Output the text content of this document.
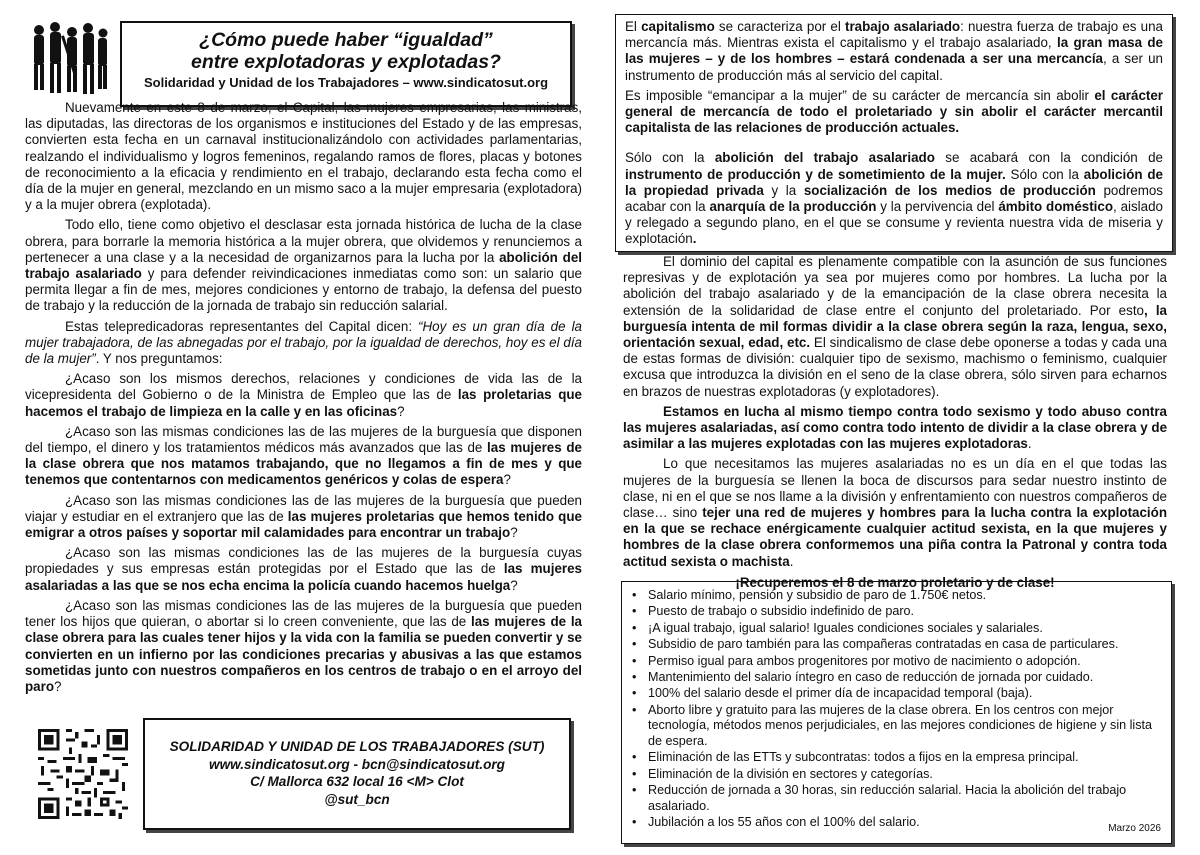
¿Cómo puede haber “igualdad”
entre explotadoras y explotadas?
Solidaridad y Unidad de los Trabajadores – www.sindicatosut.org

Nuevamente en este 8 de marzo, el Capital, las mujeres empresarias, las ministras, las diputadas, las directoras de los organismos e instituciones del Estado y de las empresas, convierten esta fecha en un carnaval institucionalizándolo con actividades parlamentarias, realzando el individualismo y logros femeninos, regalando ramos de flores, placas y botones de reconocimiento a la eficacia y rendimiento en el trabajo, declarando esta fecha como el día de la mujer en general, mezclando en un mismo saco a la mujer empresaria (explotadora) y a la mujer obrera (explotada).

Todo ello, tiene como objetivo el desclasar esta jornada histórica de lucha de la clase obrera, para borrarle la memoria histórica a la mujer obrera, que olvidemos y renunciemos a pertenecer a una clase y a la necesidad de organizarnos para la lucha por la abolición del trabajo asalariado y para defender reivindicaciones inmediatas como son: un salario que permita llegar a fin de mes, mejores condiciones y entorno de trabajo, la defensa del puesto de trabajo y la reducción de la jornada de trabajo sin reducción salarial.

Estas telepredicadoras representantes del Capital dicen: “Hoy es un gran día de la mujer trabajadora, de las abnegadas por el trabajo, por la igualdad de derechos, hoy es el día de la mujer”. Y nos preguntamos:

¿Acaso son los mismos derechos, relaciones y condiciones de vida las de la vicepresidenta del Gobierno o de la Ministra de Empleo que las de las proletarias que hacemos el trabajo de limpieza en la calle y en las oficinas?

¿Acaso son las mismas condiciones las de las mujeres de la burguesía que disponen del tiempo, el dinero y los tratamientos médicos más avanzados que las de las mujeres de la clase obrera que nos matamos trabajando, que no llegamos a fin de mes y que tenemos que contentarnos con medicamentos genéricos y colas de espera?

¿Acaso son las mismas condiciones las de las mujeres de la burguesía que pueden viajar y estudiar en el extranjero que las de las mujeres proletarias que hemos tenido que emigrar a otros países y soportar mil calamidades para encontrar un trabajo?

¿Acaso son las mismas condiciones las de las mujeres de la burguesía cuyas propiedades y sus empresas están protegidas por el Estado que las de las mujeres asalariadas a las que se nos echa encima la policía cuando hacemos huelga?

¿Acaso son las mismas condiciones las de las mujeres de la burguesía que pueden tener los hijos que quieran, o abortar si lo creen conveniente, que las de las mujeres de la clase obrera para las cuales tener hijos y la vida con la familia se pueden convertir y se convierten en un infierno por las condiciones precarias y abusivas a las que estamos sometidas junto con nuestros compañeros en los centros de trabajo o en el arroyo del paro?

SOLIDARIDAD Y UNIDAD DE LOS TRABAJADORES (SUT)
www.sindicatosut.org - bcn@sindicatosut.org
C/ Mallorca 632 local 16 <M> Clot
@sut_bcn

El capitalismo se caracteriza por el trabajo asalariado: nuestra fuerza de trabajo es una mercancía más. Mientras exista el capitalismo y el trabajo asalariado, la gran masa de las mujeres – y de los hombres – estará condenada a ser una mercancía, a ser un instrumento de producción más al servicio del capital.

Es imposible “emancipar a la mujer” de su carácter de mercancía sin abolir el carácter general de mercancía de todo el proletariado y sin abolir el carácter mercantil capitalista de las relaciones de producción actuales.

Sólo con la abolición del trabajo asalariado se acabará con la condición de instrumento de producción y de sometimiento de la mujer. Sólo con la abolición de la propiedad privada y la socialización de los medios de producción podremos acabar con la anarquía de la producción y la pervivencia del ámbito doméstico, aislado y relegado a segundo plano, en el que se consume y revienta nuestra vida de miseria y explotación.

El dominio del capital es plenamente compatible con la asunción de sus funciones represivas y de explotación ya sea por mujeres como por hombres. La lucha por la abolición del trabajo asalariado y de la emancipación de la clase obrera necesita la extensión de la solidaridad de clase entre el conjunto del proletariado. Por esto, la burguesía intenta de mil formas dividir a la clase obrera según la raza, lengua, sexo, orientación sexual, edad, etc. El sindicalismo de clase debe oponerse a todas y cada una de estas formas de división: cualquier tipo de sexismo, machismo o feminismo, cualquier excusa que introduzca la división en el seno de la clase obrera, sólo sirven para echarnos en brazos de nuestras explotadoras (y explotadores).

Estamos en lucha al mismo tiempo contra todo sexismo y todo abuso contra las mujeres asalariadas, así como contra todo intento de dividir a la clase obrera y de asimilar a las mujeres explotadas con las mujeres explotadoras.

Lo que necesitamos las mujeres asalariadas no es un día en el que todas las mujeres de la burguesía se llenen la boca de discursos para sedar nuestro instinto de clase, ni en el que se nos llame a la división y enfrentamiento con nuestros compañeros de clase… sino tejer una red de mujeres y hombres para la lucha contra la explotación en la que se rechace enérgicamente cualquier actitud sexista, en la que mujeres y hombres de la clase obrera conformemos una piña contra la Patronal y contra toda actitud sexista o machista.

¡Recuperemos el 8 de marzo proletario y de clase!
• Salario mínimo, pensión y subsidio de paro de 1.750€ netos.
• Puesto de trabajo o subsidio indefinido de paro.
• ¡A igual trabajo, igual salario! Iguales condiciones sociales y salariales.
• Subsidio de paro también para las compañeras contratadas en casa de particulares.
• Permiso igual para ambos progenitores por motivo de nacimiento o adopción.
• Mantenimiento del salario íntegro en caso de reducción de jornada por cuidado.
• 100% del salario desde el primer día de incapacidad temporal (baja).
• Aborto libre y gratuito para las mujeres de la clase obrera. En los centros con mejor tecnología, métodos menos perjudiciales, en las mejores condiciones de higiene y sin lista de espera.
• Eliminación de las ETTs y subcontratas: todos a fijos en la empresa principal.
• Eliminación de la división en sectores y categorías.
• Reducción de jornada a 30 horas, sin reducción salarial. Hacia la abolición del trabajo asalariado.
• Jubilación a los 55 años con el 100% del salario.	Marzo 2026
